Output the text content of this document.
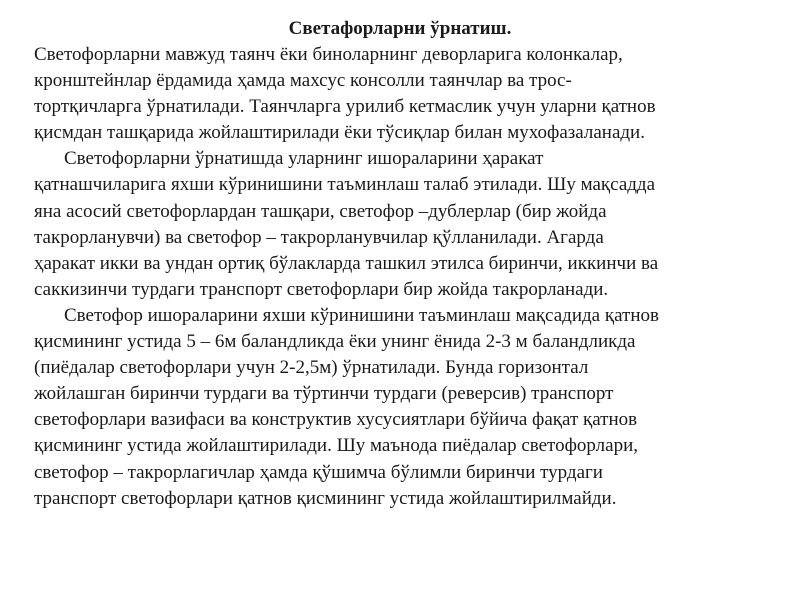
Светафорларни ўрнатиш.
Светофорларни мавжуд таянч ёки биноларнинг деворларига колонкалар,
кронштейнлар ёрдамида ҳамда махсус консолли таянчлар ва трос-
тортқичларга ўрнатилади. Таянчларга урилиб кетмаслик учун уларни қатнов
қисмдан ташқарида жойлаштирилади ёки тўсиқлар билан мухофазаланади.
Светофорларни ўрнатишда уларнинг ишораларини ҳаракат
қатнашчиларига яхши кўринишини таъминлаш талаб этилади. Шу мақсадда
яна асосий светофорлардан ташқари, светофор –дублерлар (бир жойда
такрорланувчи) ва светофор – такрорланувчилар қўлланилади. Агарда
ҳаракат икки ва ундан ортиқ бўлакларда ташкил этилса биринчи, иккинчи ва
саккизинчи турдаги транспорт светофорлари бир жойда такрорланади.
Светофор ишораларини яхши кўринишини таъминлаш мақсадида қатнов
қисмининг устида 5 – 6м баландликда ёки унинг ёнида 2-3 м баландликда
(пиёдалар светофорлари учун 2-2,5м) ўрнатилади. Бунда горизонтал
жойлашган биринчи турдаги ва тўртинчи турдаги (реверсив) транспорт
светофорлари вазифаси ва конструктив хусусиятлари бўйича фақат қатнов
қисмининг устида жойлаштирилади. Шу маънода пиёдалар светофорлари,
светофор – такрорлагичлар ҳамда қўшимча бўлимли биринчи турдаги
транспорт светофорлари қатнов қисмининг устида жойлаштирилмайди.
